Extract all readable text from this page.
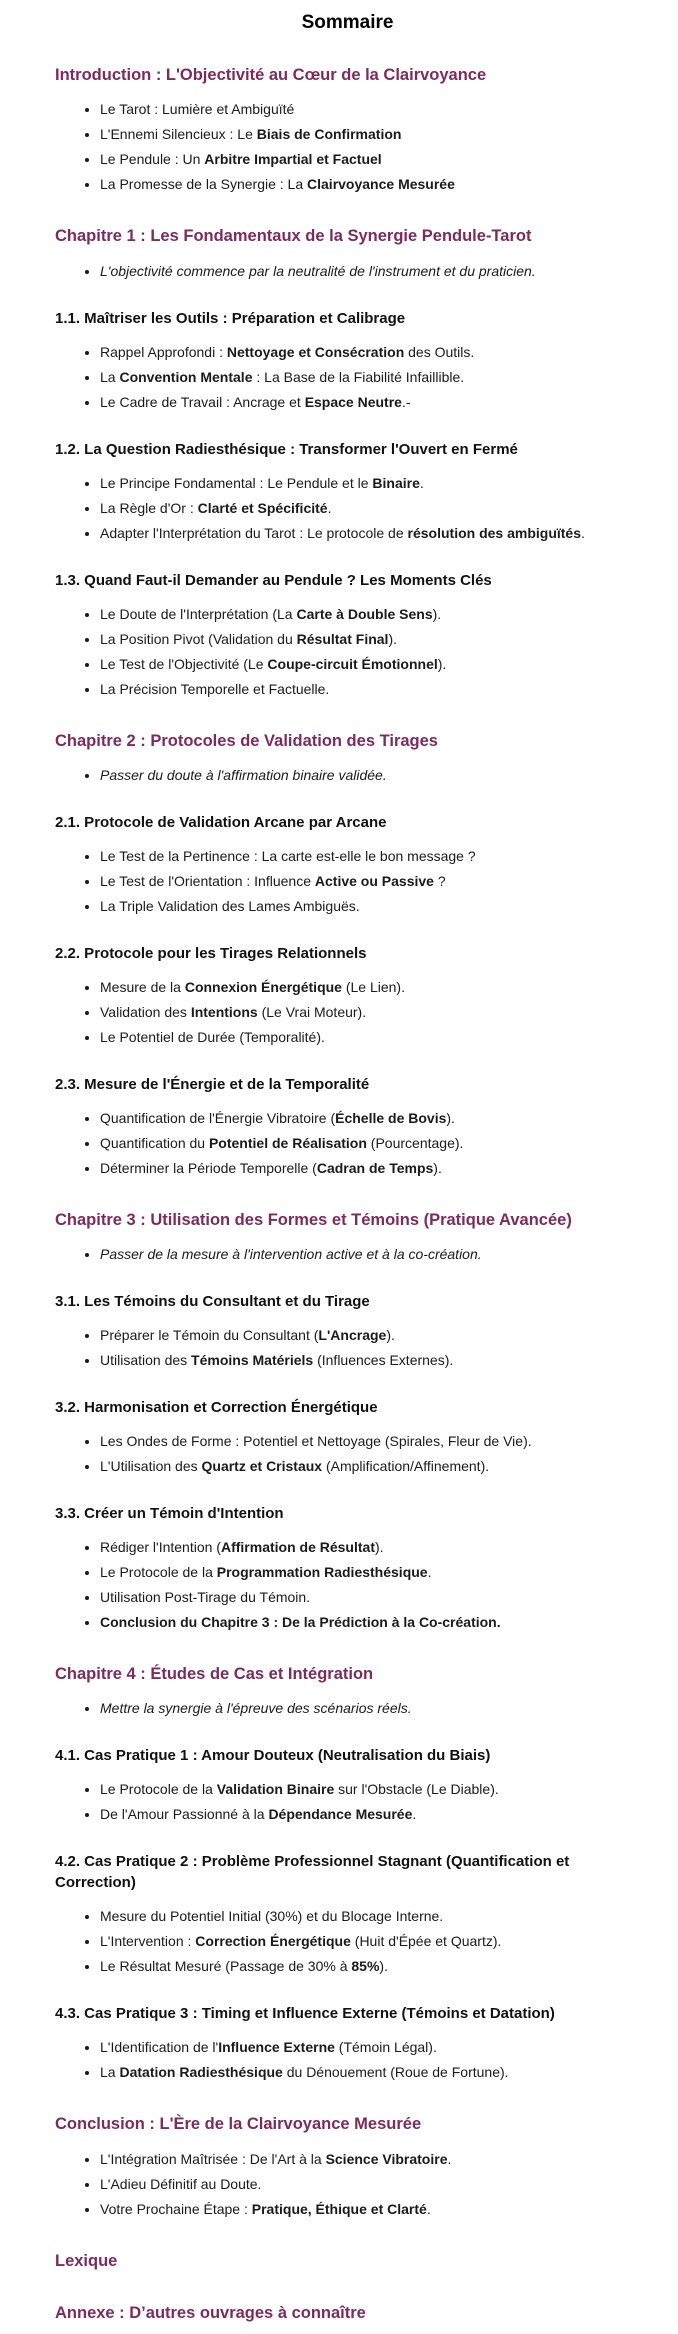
Sommaire
Introduction : L'Objectivité au Cœur de la Clairvoyance
• Le Tarot : Lumière et Ambiguïté
• L'Ennemi Silencieux : Le Biais de Confirmation
• Le Pendule : Un Arbitre Impartial et Factuel
• La Promesse de la Synergie : La Clairvoyance Mesurée
Chapitre 1 : Les Fondamentaux de la Synergie Pendule-Tarot
• L'objectivité commence par la neutralité de l'instrument et du praticien.
1.1. Maîtriser les Outils : Préparation et Calibrage
• Rappel Approfondi : Nettoyage et Consécration des Outils.
• La Convention Mentale : La Base de la Fiabilité Infaillible.
• Le Cadre de Travail : Ancrage et Espace Neutre.-
1.2. La Question Radiesthésique : Transformer l'Ouvert en Fermé
• Le Principe Fondamental : Le Pendule et le Binaire.
• La Règle d'Or : Clarté et Spécificité.
• Adapter l'Interprétation du Tarot : Le protocole de résolution des ambiguïtés.
1.3. Quand Faut-il Demander au Pendule ? Les Moments Clés
• Le Doute de l'Interprétation (La Carte à Double Sens).
• La Position Pivot (Validation du Résultat Final).
• Le Test de l'Objectivité (Le Coupe-circuit Émotionnel).
• La Précision Temporelle et Factuelle.
Chapitre 2 : Protocoles de Validation des Tirages
• Passer du doute à l'affirmation binaire validée.
2.1. Protocole de Validation Arcane par Arcane
• Le Test de la Pertinence : La carte est-elle le bon message ?
• Le Test de l'Orientation : Influence Active ou Passive ?
• La Triple Validation des Lames Ambiguës.
2.2. Protocole pour les Tirages Relationnels
• Mesure de la Connexion Énergétique (Le Lien).
• Validation des Intentions (Le Vrai Moteur).
• Le Potentiel de Durée (Temporalité).
2.3. Mesure de l'Énergie et de la Temporalité
• Quantification de l'Énergie Vibratoire (Échelle de Bovis).
• Quantification du Potentiel de Réalisation (Pourcentage).
• Déterminer la Période Temporelle (Cadran de Temps).
Chapitre 3 : Utilisation des Formes et Témoins (Pratique Avancée)
• Passer de la mesure à l'intervention active et à la co-création.
3.1. Les Témoins du Consultant et du Tirage
• Préparer le Témoin du Consultant (L'Ancrage).
• Utilisation des Témoins Matériels (Influences Externes).
3.2. Harmonisation et Correction Énergétique
• Les Ondes de Forme : Potentiel et Nettoyage (Spirales, Fleur de Vie).
• L'Utilisation des Quartz et Cristaux (Amplification/Affinement).
3.3. Créer un Témoin d'Intention
• Rédiger l'Intention (Affirmation de Résultat).
• Le Protocole de la Programmation Radiesthésique.
• Utilisation Post-Tirage du Témoin.
• Conclusion du Chapitre 3 : De la Prédiction à la Co-création.
Chapitre 4 : Études de Cas et Intégration
• Mettre la synergie à l'épreuve des scénarios réels.
4.1. Cas Pratique 1 : Amour Douteux (Neutralisation du Biais)
• Le Protocole de la Validation Binaire sur l'Obstacle (Le Diable).
• De l'Amour Passionné à la Dépendance Mesurée.
4.2. Cas Pratique 2 : Problème Professionnel Stagnant (Quantification et Correction)
• Mesure du Potentiel Initial (30%) et du Blocage Interne.
• L'Intervention : Correction Énergétique (Huit d'Épée et Quartz).
• Le Résultat Mesuré (Passage de 30% à 85%).
4.3. Cas Pratique 3 : Timing et Influence Externe (Témoins et Datation)
• L'Identification de l'Influence Externe (Témoin Légal).
• La Datation Radiesthésique du Dénouement (Roue de Fortune).
Conclusion : L'Ère de la Clairvoyance Mesurée
• L'Intégration Maîtrisée : De l'Art à la Science Vibratoire.
• L'Adieu Définitif au Doute.
• Votre Prochaine Étape : Pratique, Éthique et Clarté.
Lexique
Annexe : D’autres ouvrages à connaître
